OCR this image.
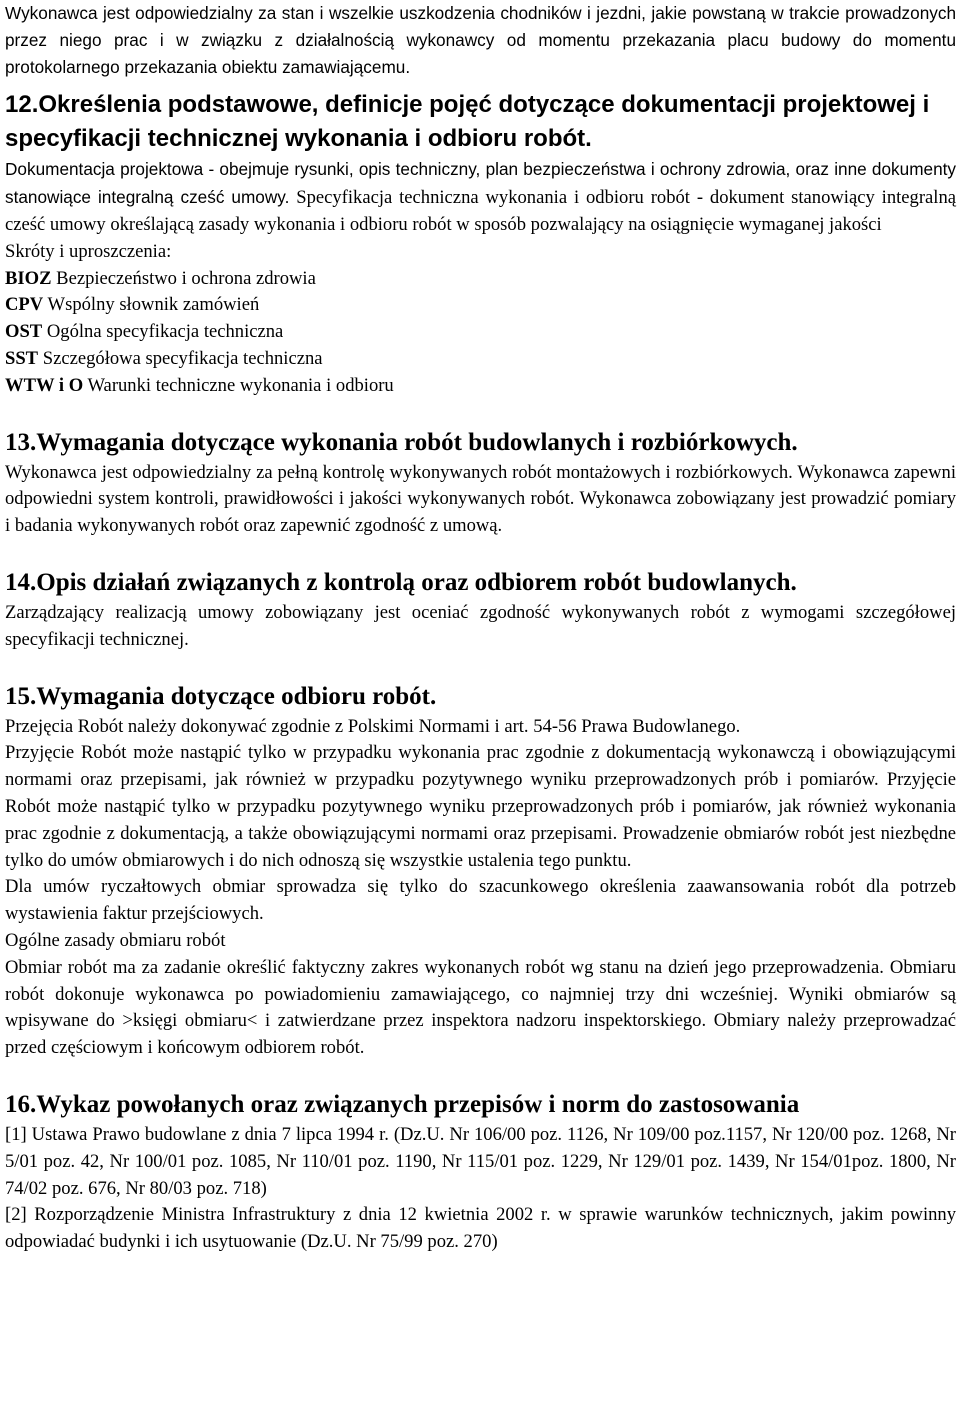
Wykonawca jest odpowiedzialny za stan i wszelkie uszkodzenia chodników i jezdni, jakie powstaną w trakcie prowadzonych przez niego prac i w związku z działalnością wykonawcy od momentu przekazania placu budowy do momentu protokolarnego przekazania obiektu zamawiającemu.

12.Określenia podstawowe, definicje pojęć dotyczące dokumentacji projektowej i specyfikacji technicznej wykonania i odbioru robót.

Dokumentacja projektowa - obejmuje rysunki, opis techniczny, plan bezpieczeństwa i ochrony zdrowia, oraz inne dokumenty stanowiące integralną cześć umowy. Specyfikacja techniczna wykonania i odbioru robót - dokument stanowiący integralną cześć umowy określającą zasady wykonania i odbioru robót w sposób pozwalający na osiągnięcie wymaganej jakości

Skróty i uproszczenia:

BIOZ Bezpieczeństwo i ochrona zdrowia

CPV Wspólny słownik zamówień

OST Ogólna specyfikacja techniczna

SST Szczegółowa specyfikacja techniczna

WTW i O Warunki techniczne wykonania i odbioru

13.Wymagania dotyczące wykonania robót budowlanych i rozbiórkowych.

Wykonawca jest odpowiedzialny za pełną kontrolę wykonywanych robót montażowych i rozbiórkowych. Wykonawca zapewni odpowiedni system kontroli, prawidłowości i jakości wykonywanych robót. Wykonawca zobowiązany jest prowadzić pomiary i badania wykonywanych robót oraz zapewnić zgodność z umową.

14.Opis działań związanych z kontrolą oraz odbiorem robót budowlanych.

Zarządzający realizacją umowy zobowiązany jest oceniać zgodność wykonywanych robót z wymogami szczegółowej specyfikacji technicznej.

15.Wymagania dotyczące odbioru robót.

Przejęcia Robót należy dokonywać zgodnie z Polskimi Normami i art. 54-56 Prawa Budowlanego.

Przyjęcie Robót może nastąpić tylko w przypadku wykonania prac zgodnie z dokumentacją wykonawczą i obowiązującymi normami oraz przepisami, jak również w przypadku pozytywnego wyniku przeprowadzonych prób i pomiarów. Przyjęcie Robót może nastąpić tylko w przypadku pozytywnego wyniku przeprowadzonych prób i pomiarów, jak również wykonania prac zgodnie z dokumentacją, a także obowiązującymi normami oraz przepisami. Prowadzenie obmiarów robót jest niezbędne tylko do umów obmiarowych i do nich odnoszą się wszystkie ustalenia tego punktu.

Dla umów ryczałtowych obmiar sprowadza się tylko do szacunkowego określenia zaawansowania robót dla potrzeb wystawienia faktur przejściowych.

Ogólne zasady obmiaru robót

Obmiar robót ma za zadanie określić faktyczny zakres wykonanych robót wg stanu na dzień jego przeprowadzenia. Obmiaru robót dokonuje wykonawca po powiadomieniu zamawiającego, co najmniej trzy dni wcześniej. Wyniki obmiarów są wpisywane do >księgi obmiaru< i zatwierdzane przez inspektora nadzoru inspektorskiego. Obmiary należy przeprowadzać przed częściowym i końcowym odbiorem robót.

16.Wykaz powołanych oraz związanych przepisów i norm do zastosowania

[1] Ustawa Prawo budowlane z dnia 7 lipca 1994 r. (Dz.U. Nr 106/00 poz. 1126, Nr 109/00 poz.1157, Nr 120/00 poz. 1268, Nr 5/01 poz. 42, Nr 100/01 poz. 1085, Nr 110/01 poz. 1190, Nr 115/01 poz. 1229, Nr 129/01 poz. 1439, Nr 154/01poz. 1800, Nr 74/02 poz. 676, Nr 80/03 poz. 718)

[2] Rozporządzenie Ministra Infrastruktury z dnia 12 kwietnia 2002 r. w sprawie warunków technicznych, jakim powinny odpowiadać budynki i ich usytuowanie (Dz.U. Nr 75/99 poz. 270)
